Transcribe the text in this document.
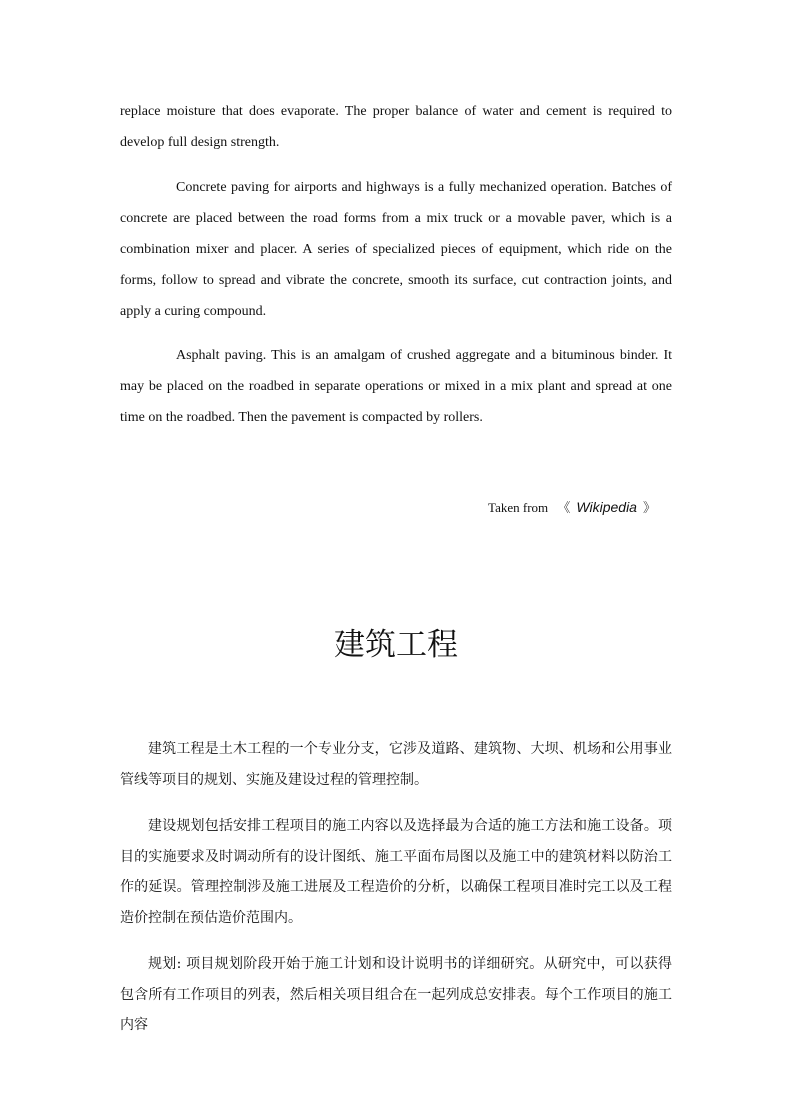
replace moisture that does evaporate. The proper balance of water and cement is required to develop full design strength.

Concrete paving for airports and highways is a fully mechanized operation. Batches of concrete are placed between the road forms from a mix truck or a movable paver, which is a combination mixer and placer. A series of specialized pieces of equipment, which ride on the forms, follow to spread and vibrate the concrete, smooth its surface, cut contraction joints, and apply a curing compound.

Asphalt paving. This is an amalgam of crushed aggregate and a bituminous binder. It may be placed on the roadbed in separate operations or mixed in a mix plant and spread at one time on the roadbed. Then the pavement is compacted by rollers.

Taken from 《 Wikipedia 》

建筑工程

建筑工程是土木工程的一个专业分支，它涉及道路、建筑物、大坝、机场和公用事业管线等项目的规划、实施及建设过程的管理控制。

建设规划包括安排工程项目的施工内容以及选择最为合适的施工方法和施工设备。项目的实施要求及时调动所有的设计图纸、施工平面布局图以及施工中的建筑材料以防治工作的延误。管理控制涉及施工进展及工程造价的分析，以确保工程项目准时完工以及工程造价控制在预估造价范围内。

规划: 项目规划阶段开始于施工计划和设计说明书的详细研究。从研究中，可以获得包含所有工作项目的列表，然后相关项目组合在一起列成总安排表。每个工作项目的施工内容
